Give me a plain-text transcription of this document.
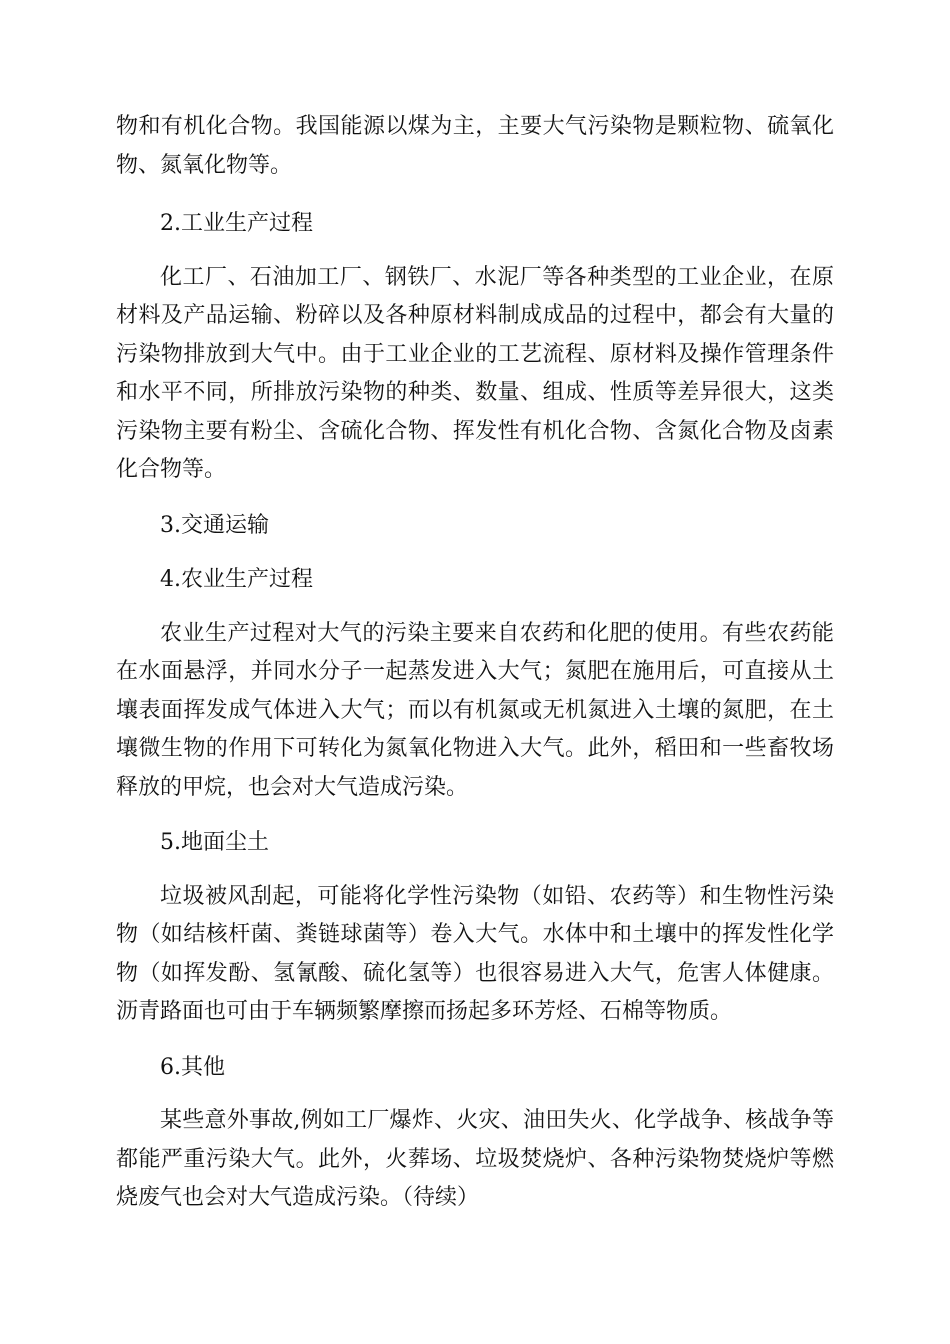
物和有机化合物。我国能源以煤为主，主要大气污染物是颗粒物、硫氧化物、氮氧化物等。

2.工业生产过程

化工厂、石油加工厂、钢铁厂、水泥厂等各种类型的工业企业，在原材料及产品运输、粉碎以及各种原材料制成成品的过程中，都会有大量的污染物排放到大气中。由于工业企业的工艺流程、原材料及操作管理条件和水平不同，所排放污染物的种类、数量、组成、性质等差异很大，这类污染物主要有粉尘、含硫化合物、挥发性有机化合物、含氮化合物及卤素化合物等。

3.交通运输

4.农业生产过程

农业生产过程对大气的污染主要来自农药和化肥的使用。有些农药能在水面悬浮，并同水分子一起蒸发进入大气；氮肥在施用后，可直接从土壤表面挥发成气体进入大气；而以有机氮或无机氮进入土壤的氮肥，在土壤微生物的作用下可转化为氮氧化物进入大气。此外，稻田和一些畜牧场释放的甲烷，也会对大气造成污染。

5.地面尘土

垃圾被风刮起，可能将化学性污染物（如铅、农药等）和生物性污染物（如结核杆菌、粪链球菌等）卷入大气。水体中和土壤中的挥发性化学物（如挥发酚、氢氰酸、硫化氢等）也很容易进入大气，危害人体健康。沥青路面也可由于车辆频繁摩擦而扬起多环芳烃、石棉等物质。

6.其他

某些意外事故,例如工厂爆炸、火灾、油田失火、化学战争、核战争等都能严重污染大气。此外，火葬场、垃圾焚烧炉、各种污染物焚烧炉等燃烧废气也会对大气造成污染。（待续）
